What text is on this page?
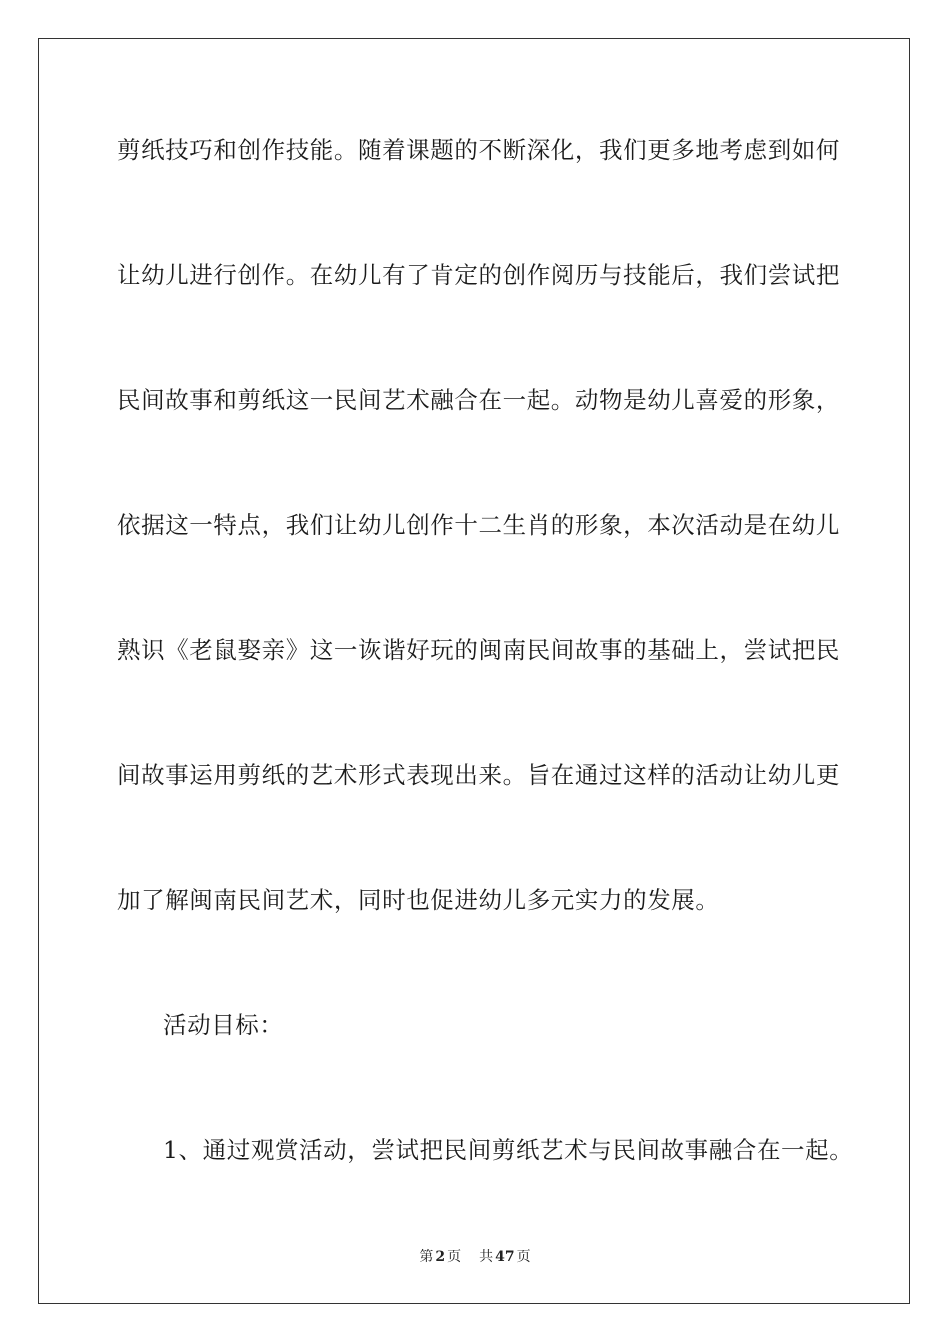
剪纸技巧和创作技能。随着课题的不断深化，我们更多地考虑到如何

让幼儿进行创作。在幼儿有了肯定的创作阅历与技能后，我们尝试把

民间故事和剪纸这一民间艺术融合在一起。动物是幼儿喜爱的形象，

依据这一特点，我们让幼儿创作十二生肖的形象，本次活动是在幼儿

熟识《老鼠娶亲》这一诙谐好玩的闽南民间故事的基础上，尝试把民

间故事运用剪纸的艺术形式表现出来。旨在通过这样的活动让幼儿更

加了解闽南民间艺术，同时也促进幼儿多元实力的发展。

活动目标：

1、通过观赏活动，尝试把民间剪纸艺术与民间故事融合在一起。

第 2 页 共 47 页
